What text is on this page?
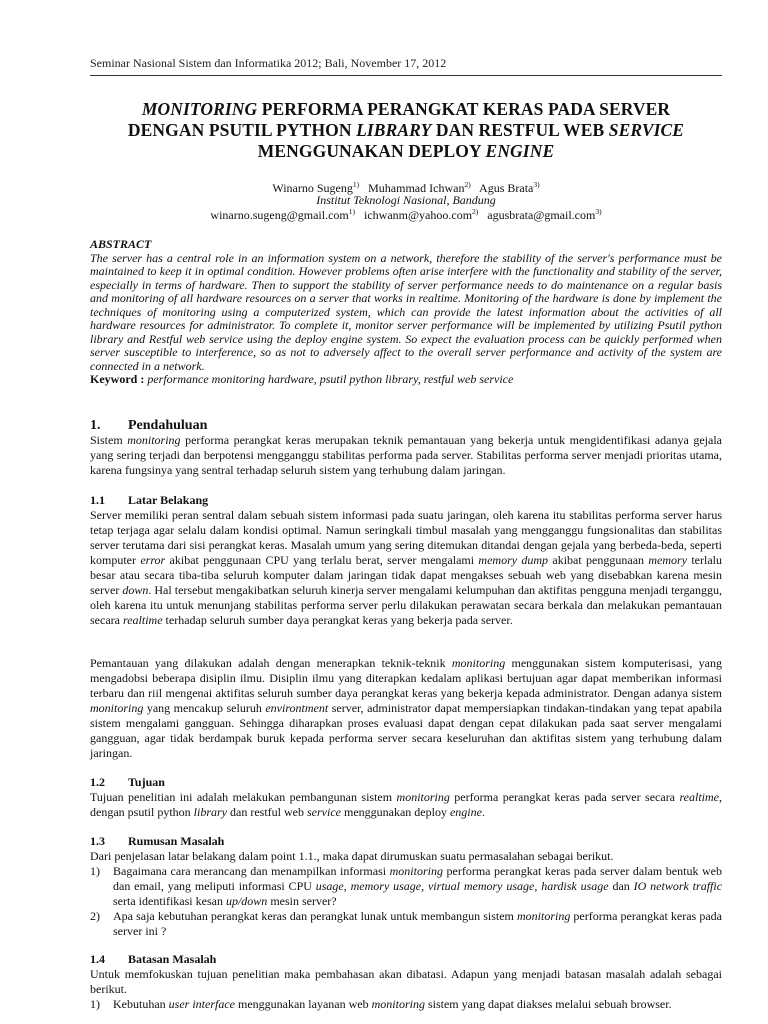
Seminar Nasional Sistem dan Informatika 2012; Bali, November 17, 2012
MONITORING PERFORMA PERANGKAT KERAS PADA SERVER
DENGAN PSUTIL PYTHON LIBRARY DAN RESTFUL WEB SERVICE
MENGGUNAKAN DEPLOY ENGINE
Winarno Sugeng$^{1)}$ Muhammad Ichwan$^{2)}$ Agus Brata$^{3)}$
Institut Teknologi Nasional, Bandung
winarno.sugeng@gmail.com$^{1)}$ ichwanm@yahoo.com$^{2)}$ agusbrata@gmail.com$^{3)}$
ABSTRACT

The server has a central role in an information system on a network, therefore the stability of the server's performance must be maintained to keep it in optimal condition. However problems often arise interfere with the functionality and stability of the server, especially in terms of hardware. Then to support the stability of server performance needs to do maintenance on a regular basis and monitoring of all hardware resources on a server that works in realtime. Monitoring of the hardware is done by implement the techniques of monitoring using a computerized system, which can provide the latest information about the activities of all hardware resources for administrator. To complete it, monitor server performance will be implemented by utilizing Psutil python library and Restful web service using the deploy engine system. So expect the evaluation process can be quickly performed when server susceptible to interference, so as not to adversely affect to the overall server performance and activity of the system are connected in a network.

Keyword : performance monitoring hardware, psutil python library, restful web service

1. Pendahuluan

Sistem monitoring performa perangkat keras merupakan teknik pemantauan yang bekerja untuk mengidentifikasi adanya gejala yang sering terjadi dan berpotensi mengganggu stabilitas performa pada server. Stabilitas performa server menjadi prioritas utama, karena fungsinya yang sentral terhadap seluruh sistem yang terhubung dalam jaringan.

1.1 Latar Belakang

Server memiliki peran sentral dalam sebuah sistem informasi pada suatu jaringan, oleh karena itu stabilitas performa server harus tetap terjaga agar selalu dalam kondisi optimal. Namun seringkali timbul masalah yang mengganggu fungsionalitas dan stabilitas server terutama dari sisi perangkat keras. Masalah umum yang sering ditemukan ditandai dengan gejala yang berbeda-beda, seperti komputer error akibat penggunaan CPU yang terlalu berat, server mengalami memory dump akibat penggunaan memory terlalu besar atau secara tiba-tiba seluruh komputer dalam jaringan tidak dapat mengakses sebuah web yang disebabkan karena mesin server down. Hal tersebut mengakibatkan seluruh kinerja server mengalami kelumpuhan dan aktifitas pengguna menjadi terganggu, oleh karena itu untuk menunjang stabilitas performa server perlu dilakukan perawatan secara berkala dan melakukan pemantauan secara realtime terhadap seluruh sumber daya perangkat keras yang bekerja pada server.

Pemantauan yang dilakukan adalah dengan menerapkan teknik-teknik monitoring menggunakan sistem komputerisasi, yang mengadobsi beberapa disiplin ilmu. Disiplin ilmu yang diterapkan kedalam aplikasi bertujuan agar dapat memberikan informasi terbaru dan riil mengenai aktifitas seluruh sumber daya perangkat keras yang bekerja kepada administrator. Dengan adanya sistem monitoring yang mencakup seluruh environtment server, administrator dapat mempersiapkan tindakan-tindakan yang tepat apabila sistem mengalami gangguan. Sehingga diharapkan proses evaluasi dapat dengan cepat dilakukan pada saat server mengalami gangguan, agar tidak berdampak buruk kepada performa server secara keseluruhan dan aktifitas sistem yang terhubung dalam jaringan.

1.2 Tujuan

Tujuan penelitian ini adalah melakukan pembangunan sistem monitoring performa perangkat keras pada server secara realtime, dengan psutil python library dan restful web service menggunakan deploy engine.

1.3 Rumusan Masalah

Dari penjelasan latar belakang dalam point 1.1., maka dapat dirumuskan suatu permasalahan sebagai berikut.

1) Bagaimana cara merancang dan menampilkan informasi monitoring performa perangkat keras pada server dalam bentuk web dan email, yang meliputi informasi CPU usage, memory usage, virtual memory usage, hardisk usage dan IO network traffic serta identifikasi kesan up/down mesin server?
2) Apa saja kebutuhan perangkat keras dan perangkat lunak untuk membangun sistem monitoring performa perangkat keras pada server ini ?
1.4 Batasan Masalah

Untuk memfokuskan tujuan penelitian maka pembahasan akan dibatasi. Adapun yang menjadi batasan masalah adalah sebagai berikut.

1) Kebutuhan user interface menggunakan layanan web monitoring sistem yang dapat diakses melalui sebuah browser.
